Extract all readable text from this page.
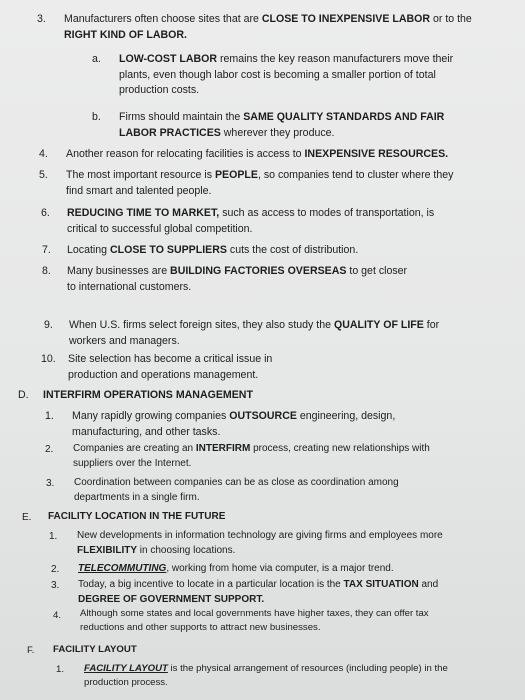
3. Manufacturers often choose sites that are CLOSE TO INEXPENSIVE LABOR or to the RIGHT KIND OF LABOR.
a. LOW-COST LABOR remains the key reason manufacturers move their plants, even though labor cost is becoming a smaller portion of total production costs.
b. Firms should maintain the SAME QUALITY STANDARDS AND FAIR LABOR PRACTICES wherever they produce.
4. Another reason for relocating facilities is access to INEXPENSIVE RESOURCES.
5. The most important resource is PEOPLE, so companies tend to cluster where they find smart and talented people.
6. REDUCING TIME TO MARKET, such as access to modes of transportation, is critical to successful global competition.
7. Locating CLOSE TO SUPPLIERS cuts the cost of distribution.
8. Many businesses are BUILDING FACTORIES OVERSEAS to get closer to international customers.
9. When U.S. firms select foreign sites, they also study the QUALITY OF LIFE for workers and managers.
10. Site selection has become a critical issue in production and operations management.
D. INTERFIRM OPERATIONS MANAGEMENT
1. Many rapidly growing companies OUTSOURCE engineering, design, manufacturing, and other tasks.
2. Companies are creating an INTERFIRM process, creating new relationships with suppliers over the Internet.
3. Coordination between companies can be as close as coordination among departments in a single firm.
E. FACILITY LOCATION IN THE FUTURE
1. New developments in information technology are giving firms and employees more FLEXIBILITY in choosing locations.
2. TELECOMMUTING, working from home via computer, is a major trend.
3. Today, a big incentive to locate in a particular location is the TAX SITUATION and DEGREE OF GOVERNMENT SUPPORT.
4. Although some states and local governments have higher taxes, they can offer tax reductions and other supports to attract new businesses.
F. FACILITY LAYOUT
1. FACILITY LAYOUT is the physical arrangement of resources (including people) in the production process.
